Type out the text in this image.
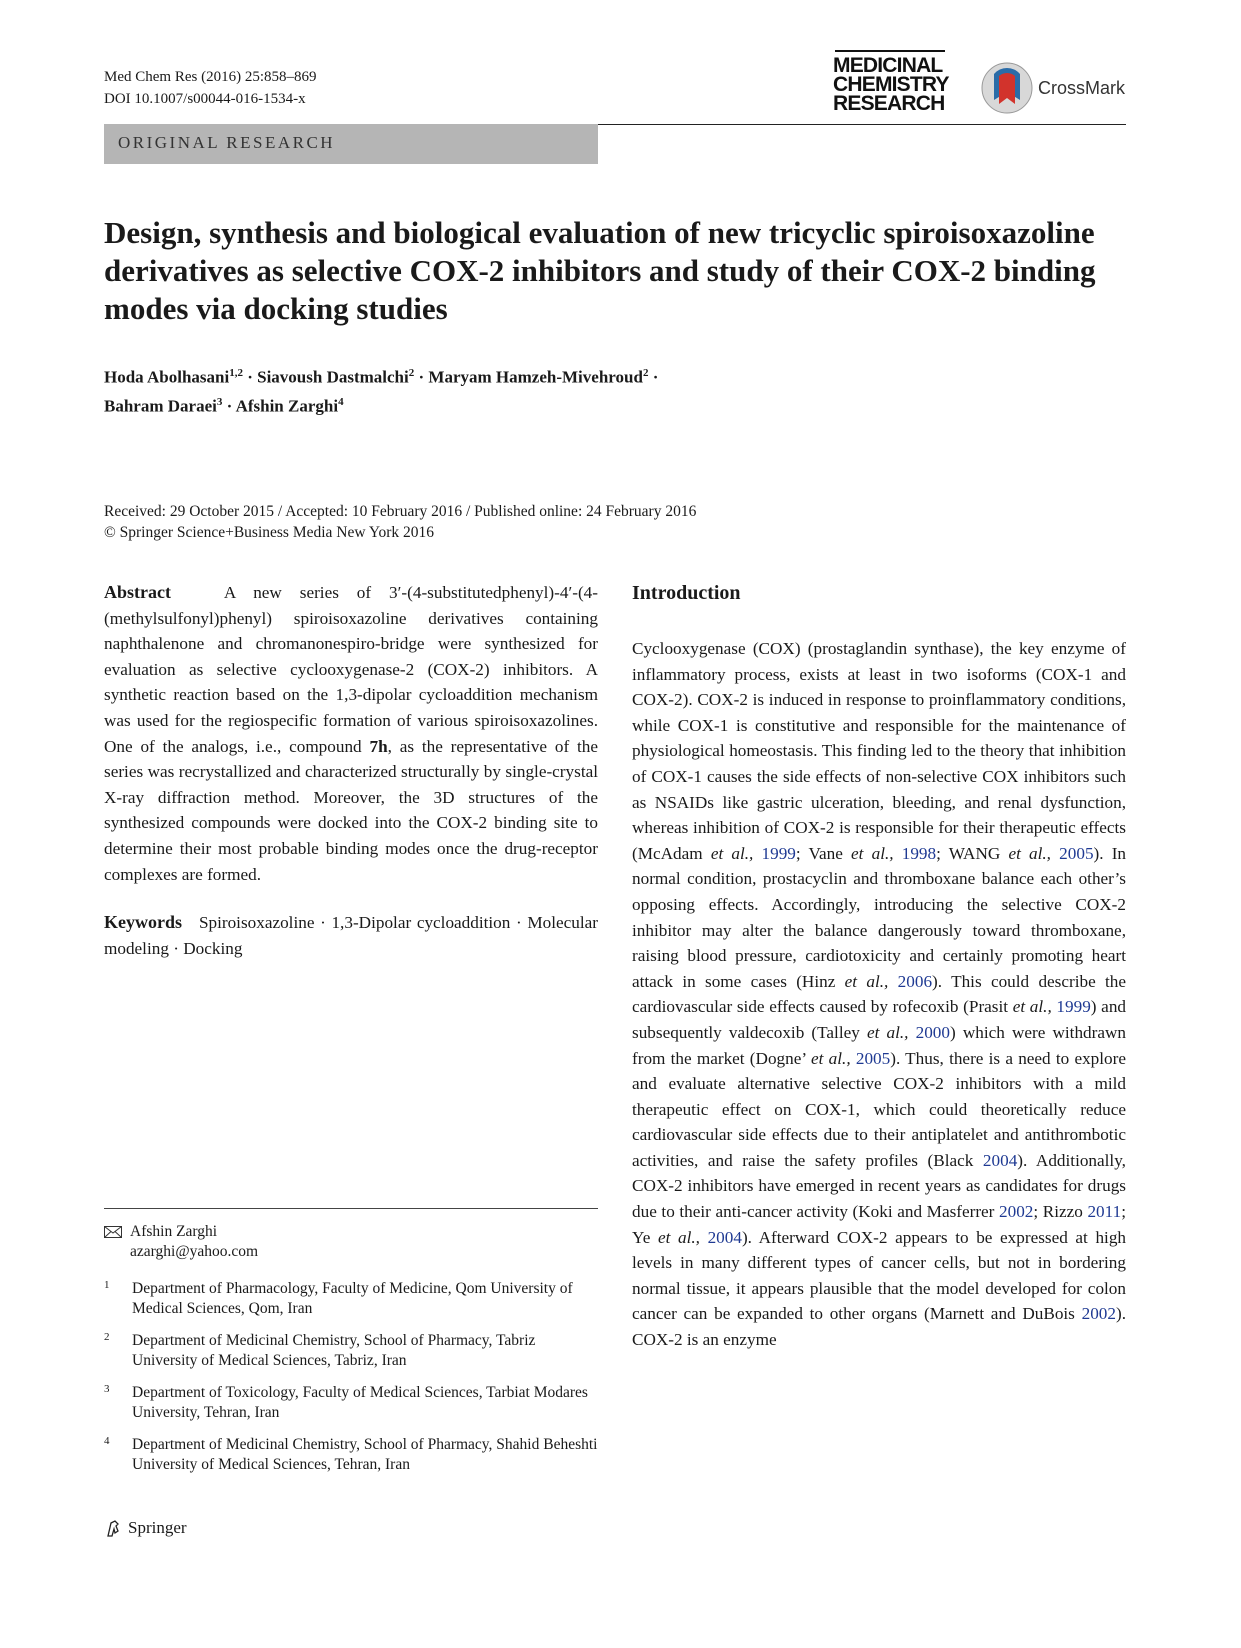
Med Chem Res (2016) 25:858–869
DOI 10.1007/s00044-016-1534-x
MEDICINAL
CHEMISTRY
RESEARCH
CrossMark
ORIGINAL RESEARCH
Design, synthesis and biological evaluation of new tricyclic spiroisoxazoline derivatives as selective COX-2 inhibitors and study of their COX-2 binding modes via docking studies
Hoda Abolhasani$^{1,2}$ · Siavoush Dastmalchi$^2$ · Maryam Hamzeh-Mivehroud$^2$ ·
Bahram Daraei$^3$ · Afshin Zarghi$^4$
Received: 29 October 2015 / Accepted: 10 February 2016 / Published online: 24 February 2016
© Springer Science+Business Media New York 2016

Abstract	A new series of 3′-(4-substitutedphenyl)-4′-(4-(methylsulfonyl)phenyl) spiroisoxazoline derivatives containing naphthalenone and chromanonespiro-bridge were synthesized for evaluation as selective cyclooxygenase-2 (COX-2) inhibitors. A synthetic reaction based on the 1,3-dipolar cycloaddition mechanism was used for the regiospecific formation of various spiroisoxazolines. One of the analogs, i.e., compound 7h, as the representative of the series was recrystallized and characterized structurally by single-crystal X-ray diffraction method. Moreover, the 3D structures of the synthesized compounds were docked into the COX-2 binding site to determine their most probable binding modes once the drug-receptor complexes are formed.

Keywords Spiroisoxazoline · 1,3-Dipolar cycloaddition · Molecular modeling · Docking

Afshin Zarghi
azarghi@yahoo.com
1 Department of Pharmacology, Faculty of Medicine, Qom University of Medical Sciences, Qom, Iran
2 Department of Medicinal Chemistry, School of Pharmacy, Tabriz University of Medical Sciences, Tabriz, Iran
3 Department of Toxicology, Faculty of Medical Sciences, Tarbiat Modares University, Tehran, Iran
4 Department of Medicinal Chemistry, School of Pharmacy, Shahid Beheshti University of Medical Sciences, Tehran, Iran
Introduction

Cyclooxygenase (COX) (prostaglandin synthase), the key enzyme of inflammatory process, exists at least in two isoforms (COX-1 and COX-2). COX-2 is induced in response to proinflammatory conditions, while COX-1 is constitutive and responsible for the maintenance of physiological homeostasis. This finding led to the theory that inhibition of COX-1 causes the side effects of non-selective COX inhibitors such as NSAIDs like gastric ulceration, bleeding, and renal dysfunction, whereas inhibition of COX-2 is responsible for their therapeutic effects (McAdam et al., 1999; Vane et al., 1998; WANG et al., 2005). In normal condition, prostacyclin and thromboxane balance each other’s opposing effects. Accordingly, introducing the selective COX-2 inhibitor may alter the balance dangerously toward thromboxane, raising blood pressure, cardiotoxicity and certainly promoting heart attack in some cases (Hinz et al., 2006). This could describe the cardiovascular side effects caused by rofecoxib (Prasit et al., 1999) and subsequently valdecoxib (Talley et al., 2000) which were withdrawn from the market (Dogne’ et al., 2005). Thus, there is a need to explore and evaluate alternative selective COX-2 inhibitors with a mild therapeutic effect on COX-1, which could theoretically reduce cardiovascular side effects due to their antiplatelet and antithrombotic activities, and raise the safety profiles (Black 2004). Additionally, COX-2 inhibitors have emerged in recent years as candidates for drugs due to their anti-cancer activity (Koki and Masferrer 2002; Rizzo 2011; Ye et al., 2004). Afterward COX-2 appears to be expressed at high levels in many different types of cancer cells, but not in bordering normal tissue, it appears plausible that the model developed for colon cancer can be expanded to other organs (Marnett and DuBois 2002). COX-2 is an enzyme

Springer
